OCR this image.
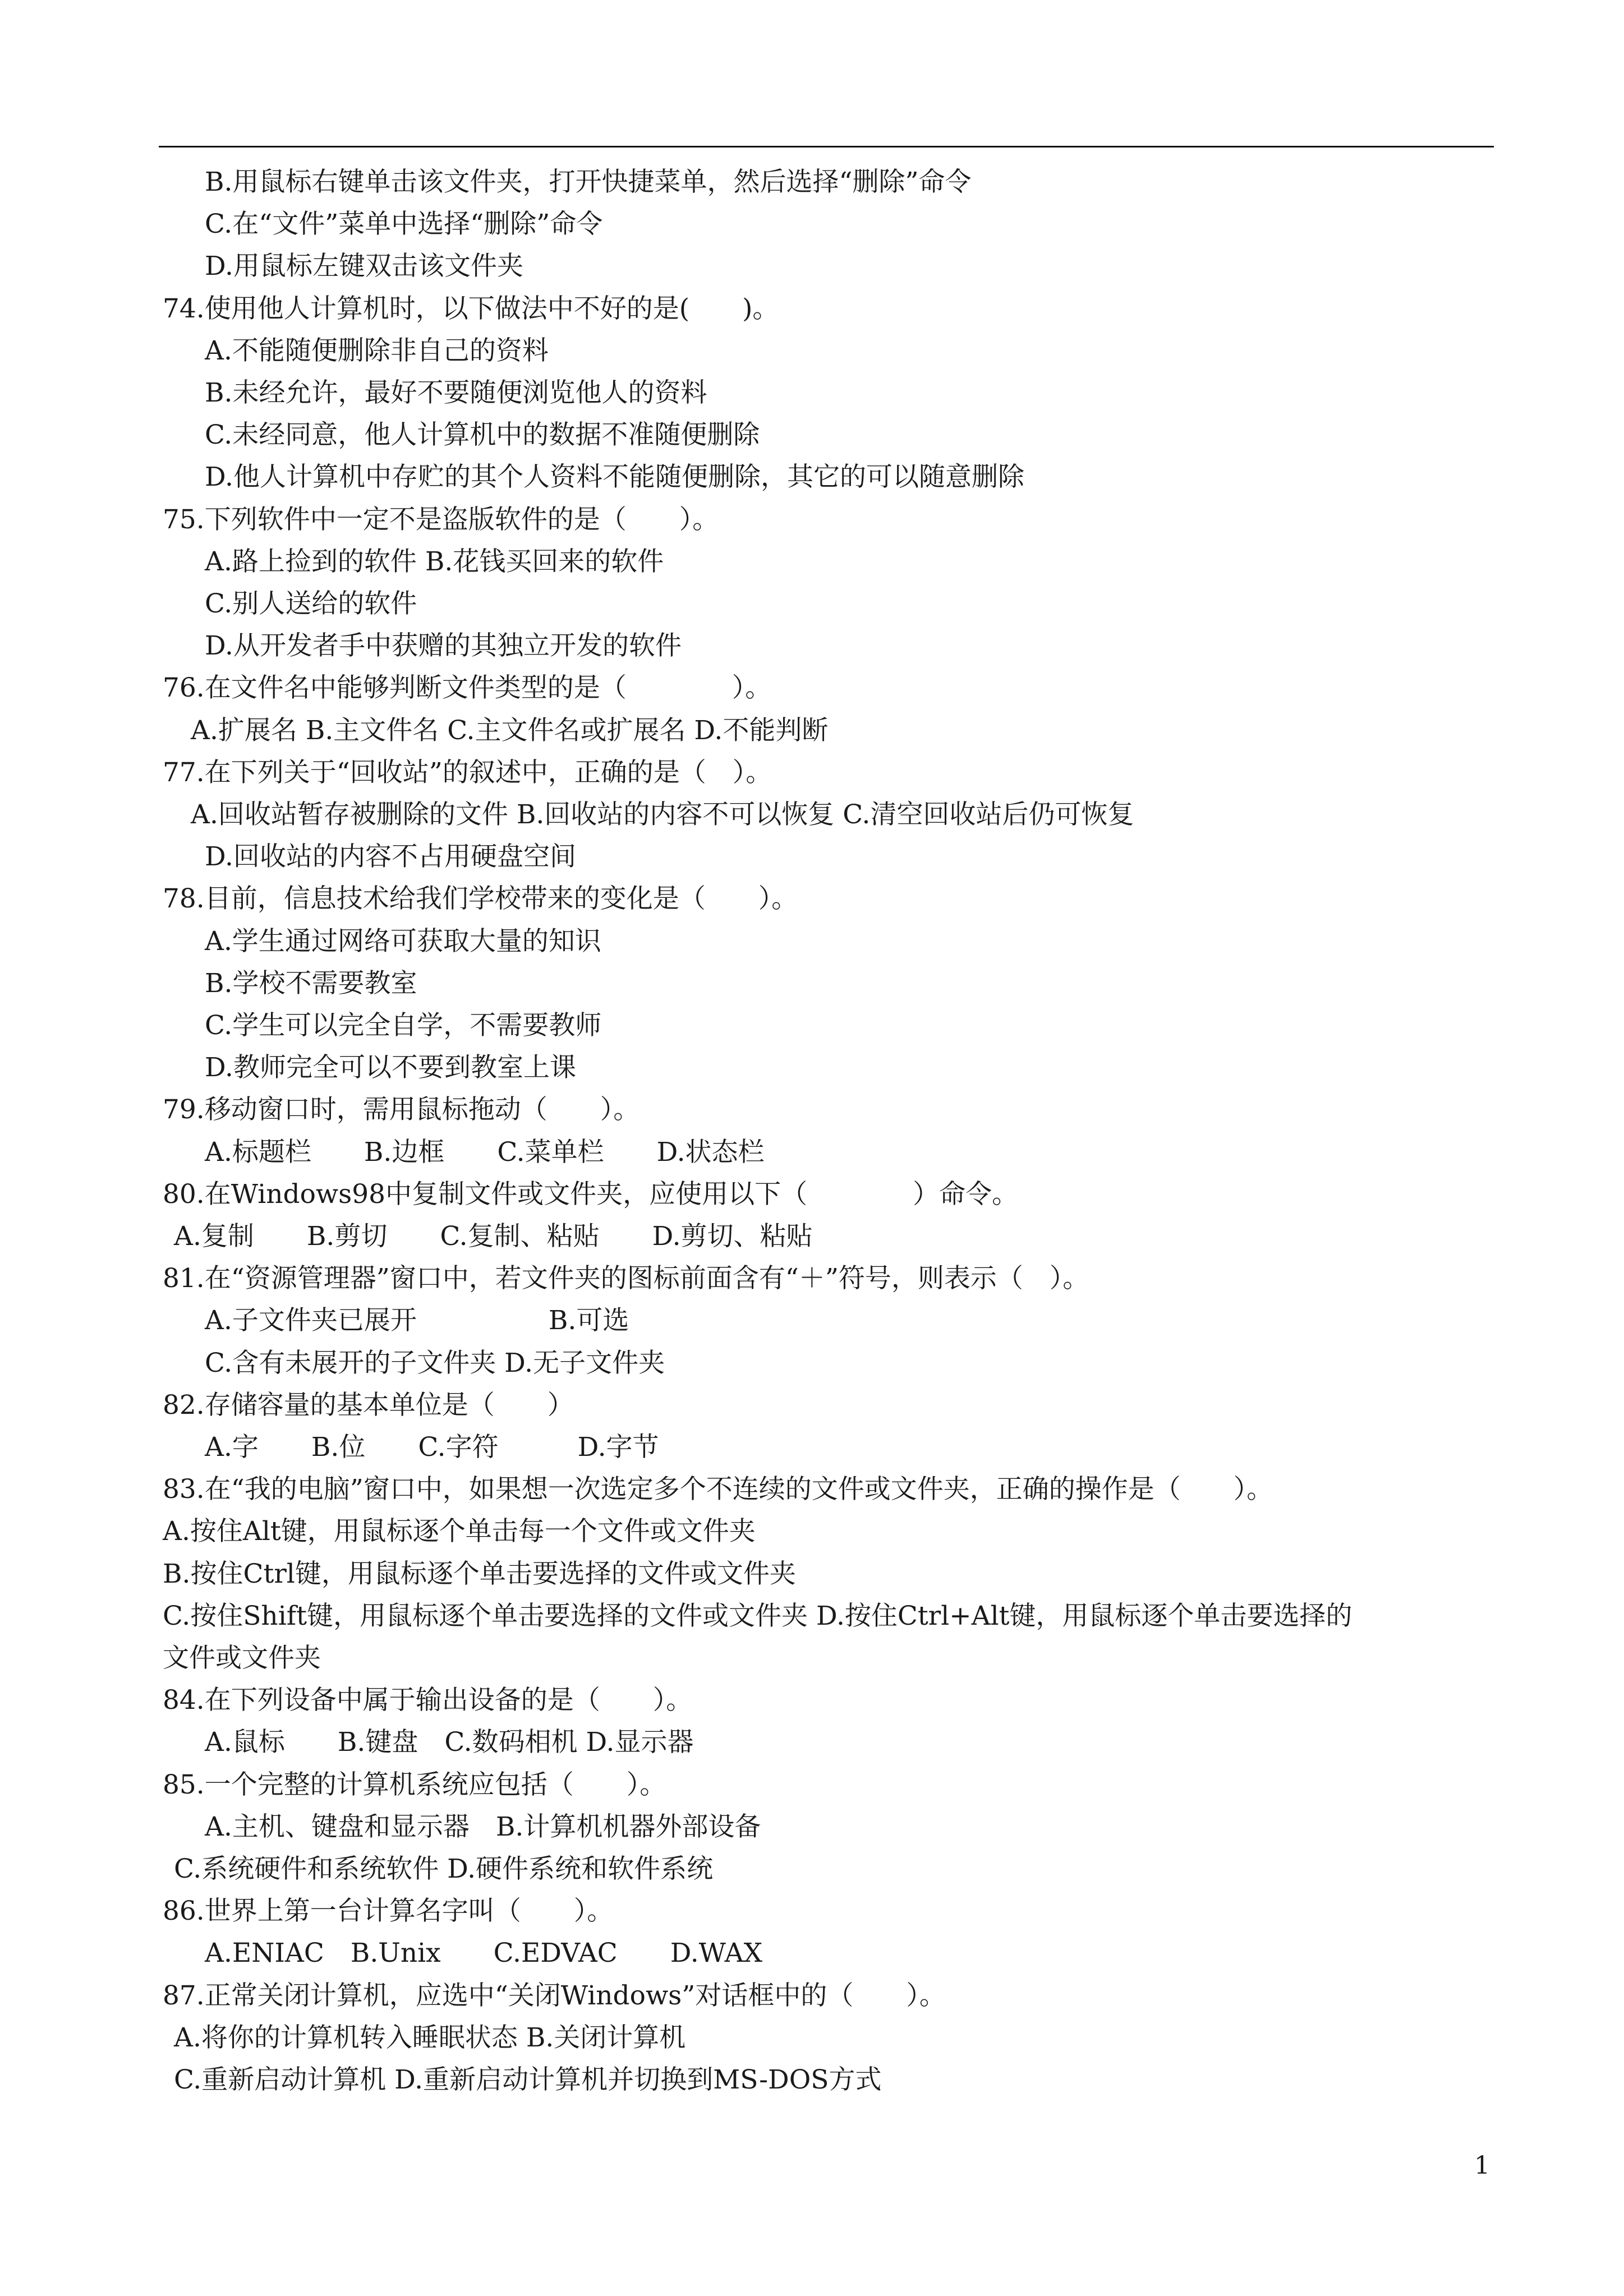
B.用鼠标右键单击该文件夹，打开快捷菜单，然后选择“删除”命令
C.在“文件”菜单中选择“删除”命令
D.用鼠标左键双击该文件夹
74.使用他人计算机时，以下做法中不好的是(　　)。
A.不能随便删除非自己的资料
B.未经允许，最好不要随便浏览他人的资料
C.未经同意，他人计算机中的数据不准随便删除
D.他人计算机中存贮的其个人资料不能随便删除，其它的可以随意删除
75.下列软件中一定不是盗版软件的是（　　）。
A.路上捡到的软件 B.花钱买回来的软件
C.别人送给的软件
D.从开发者手中获赠的其独立开发的软件
76.在文件名中能够判断文件类型的是（　　　　）。
A.扩展名 B.主文件名 C.主文件名或扩展名 D.不能判断
77.在下列关于“回收站”的叙述中，正确的是（　）。
A.回收站暂存被删除的文件 B.回收站的内容不可以恢复 C.清空回收站后仍可恢复
D.回收站的内容不占用硬盘空间
78.目前，信息技术给我们学校带来的变化是（　　）。
A.学生通过网络可获取大量的知识
B.学校不需要教室
C.学生可以完全自学，不需要教师
D.教师完全可以不要到教室上课
79.移动窗口时，需用鼠标拖动（　　）。
A.标题栏　　B.边框　　C.菜单栏　　D.状态栏
80.在Windows98中复制文件或文件夹，应使用以下（　　　　）命令。
A.复制　　B.剪切　　C.复制、粘贴　　D.剪切、粘贴
81.在“资源管理器”窗口中，若文件夹的图标前面含有“＋”符号，则表示（　）。
A.子文件夹已展开　　　　　B.可选
C.含有未展开的子文件夹 D.无子文件夹
82.存储容量的基本单位是（　　）
A.字　　B.位　　C.字符　　　D.字节
83.在“我的电脑”窗口中，如果想一次选定多个不连续的文件或文件夹，正确的操作是（　　）。
A.按住Alt键，用鼠标逐个单击每一个文件或文件夹
B.按住Ctrl键，用鼠标逐个单击要选择的文件或文件夹
C.按住Shift键，用鼠标逐个单击要选择的文件或文件夹 D.按住Ctrl+Alt键，用鼠标逐个单击要选择的
文件或文件夹
84.在下列设备中属于输出设备的是（　　）。
A.鼠标　　B.键盘　C.数码相机 D.显示器
85.一个完整的计算机系统应包括（　　）。
A.主机、键盘和显示器　B.计算机机器外部设备
C.系统硬件和系统软件 D.硬件系统和软件系统
86.世界上第一台计算名字叫（　　）。
A.ENIAC　B.Unix　　C.EDVAC　　D.WAX
87.正常关闭计算机，应选中“关闭Windows”对话框中的（　　）。
A.将你的计算机转入睡眠状态 B.关闭计算机
C.重新启动计算机 D.重新启动计算机并切换到MS-DOS方式
1
